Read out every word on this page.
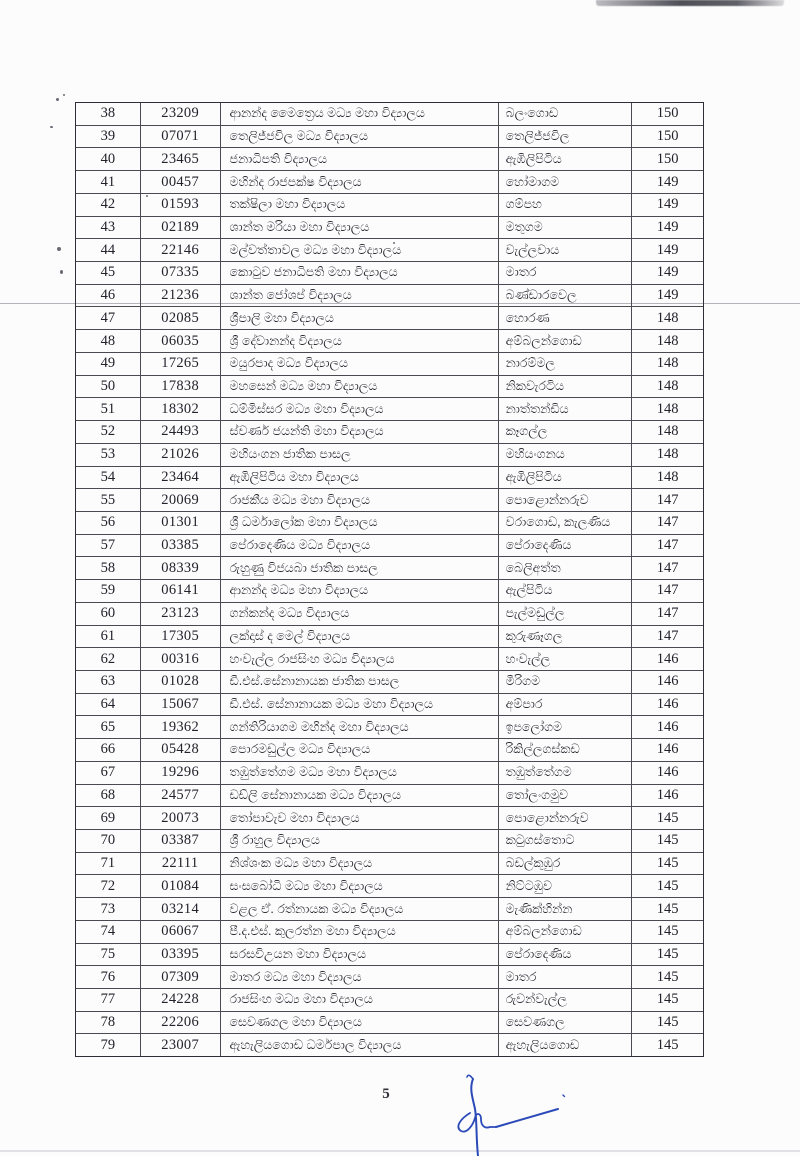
38	23209	ආනන්ද මෛත්‍රෙය මධ්‍ය මහා විද්‍යාලය	බලංගොඩ	150
39	07071	තෙලිජ්ජවිල මධ්‍ය විද්‍යාලය	තෙලිජ්ජවිල	150
40	23465	ජනාධිපති විද්‍යාලය	ඇඹිලිපිටිය	150
41	00457	මහින්ද රාජපක්ෂ විද්‍යාලය	හෝමාගම	149
42	01593	තක්ෂිලා මහා විද්‍යාලය	ගම්පහ	149
43	02189	ශාන්ත මරියා මහා විද්‍යාලය	මතුගම	149
44	22146	මල්වත්තාවල මධ්‍ය මහා විද්‍යාලය	වැල්ලවාය	149
45	07335	කොටුව ජනාධිපති මහා විද්‍යාලය	මාතර	149
46	21236	ශාන්ත ජෝශප් විද්‍යාලය	බණ්ඩාරවෙල	149
47	02085	ශ්‍රීපාලි මහා විද්‍යාලය	හොරණ	148
48	06035	ශ්‍රී දේවානන්ද විද්‍යාලය	අම්බලන්ගොඩ	148
49	17265	මයුරපාද මධ්‍ය විද්‍යාලය	නාරම්මල	148
50	17838	මහසෙන් මධ්‍ය මහා විද්‍යාලය	නිකවැරටිය	148
51	18302	ධම්මිස්සර මධ්‍ය මහා විද්‍යාලය	නාත්තන්ඩිය	148
52	24493	ස්වර්ණ ජයන්ති මහා විද්‍යාලය	කෑගල්ල	148
53	21026	මහියංගන ජාතික පාසල	මහියංගනය	148
54	23464	ඇඹිලිපිටිය මහා විද්‍යාලය	ඇඹිලිපිටිය	148
55	20069	රාජකීය මධ්‍ය මහා විද්‍යාලය	පොළොන්නරුව	147
56	01301	ශ්‍රී ධර්මාලෝක මහා විද්‍යාලය	වරාගොඩ, කැලණිය	147
57	03385	පේරාදෙණිය මධ්‍ය විද්‍යාලය	පේරාදෙණිය	147
58	08339	රුහුණු විජයබා ජාතික පාසල	බෙලිඅත්ත	147
59	06141	ආනන්ද මධ්‍ය මහා විද්‍යාලය	ඇල්පිටිය	147
60	23123	ගන්කන්ද මධ්‍ය විද්‍යාලය	පැල්මඩුල්ල	147
61	17305	ලක්දාස් ද මෙල් විද්‍යාලය	කුරුණෑගල	147
62	00316	හංවැල්ල රාජසිංහ මධ්‍ය විද්‍යාලය	හංවැල්ල	146
63	01028	ඩී.එස්.සේනානායක ජාතික පාසල	මීරිගම	146
64	15067	ඩී.එස්. සේනානායක මධ්‍ය මහා විද්‍යාලය	අම්පාර	146
65	19362	ගන්තිරියාගම මහින්ද මහා විද්‍යාලය	ඉපලෝගම	146
66	05428	පොරමඩුල්ල මධ්‍ය විද්‍යාලය	රිකිල්ලගස්කඩ	146
67	19296	තඹුත්තේගම මධ්‍ය මහා විද්‍යාලය	තඹුත්තේගම	146
68	24577	ඩඩ්ලි සේනානායක මධ්‍ය විද්‍යාලය	තෝලංගමුව	146
69	20073	තෝපාවැව මහා විද්‍යාලය	පොළොන්නරුව	145
70	03387	ශ්‍රී රාහුල විද්‍යාලය	කටුගස්තොට	145
71	22111	නිශ්ශංක මධ්‍ය මහා විද්‍යාලය	බඩල්කුඹුර	145
72	01084	සංසබෝධි මධ්‍ය මහා විද්‍යාලය	නිට්ටඹුව	145
73	03214	වළල ඒ. රත්නායක මධ්‍ය විද්‍යාලය	මැණික්හින්න	145
74	06067	පී.ද.එස්. කුලරත්න මහා විද්‍යාලය	අම්බලන්ගොඩ	145
75	03395	සරසවිඋයන මහා විද්‍යාලය	පේරාදෙණිය	145
76	07309	මාතර මධ්‍ය මහා විද්‍යාලය	මාතර	145
77	24228	රාජසිංහ මධ්‍ය මහා විද්‍යාලය	රුවන්වැල්ල	145
78	22206	සෙවණගල මහා විද්‍යාලය	සෙවණගල	145
79	23007	ඇහැලියගොඩ ධර්මපාල විද්‍යාලය	ඇහැලියගොඩ	145
5
